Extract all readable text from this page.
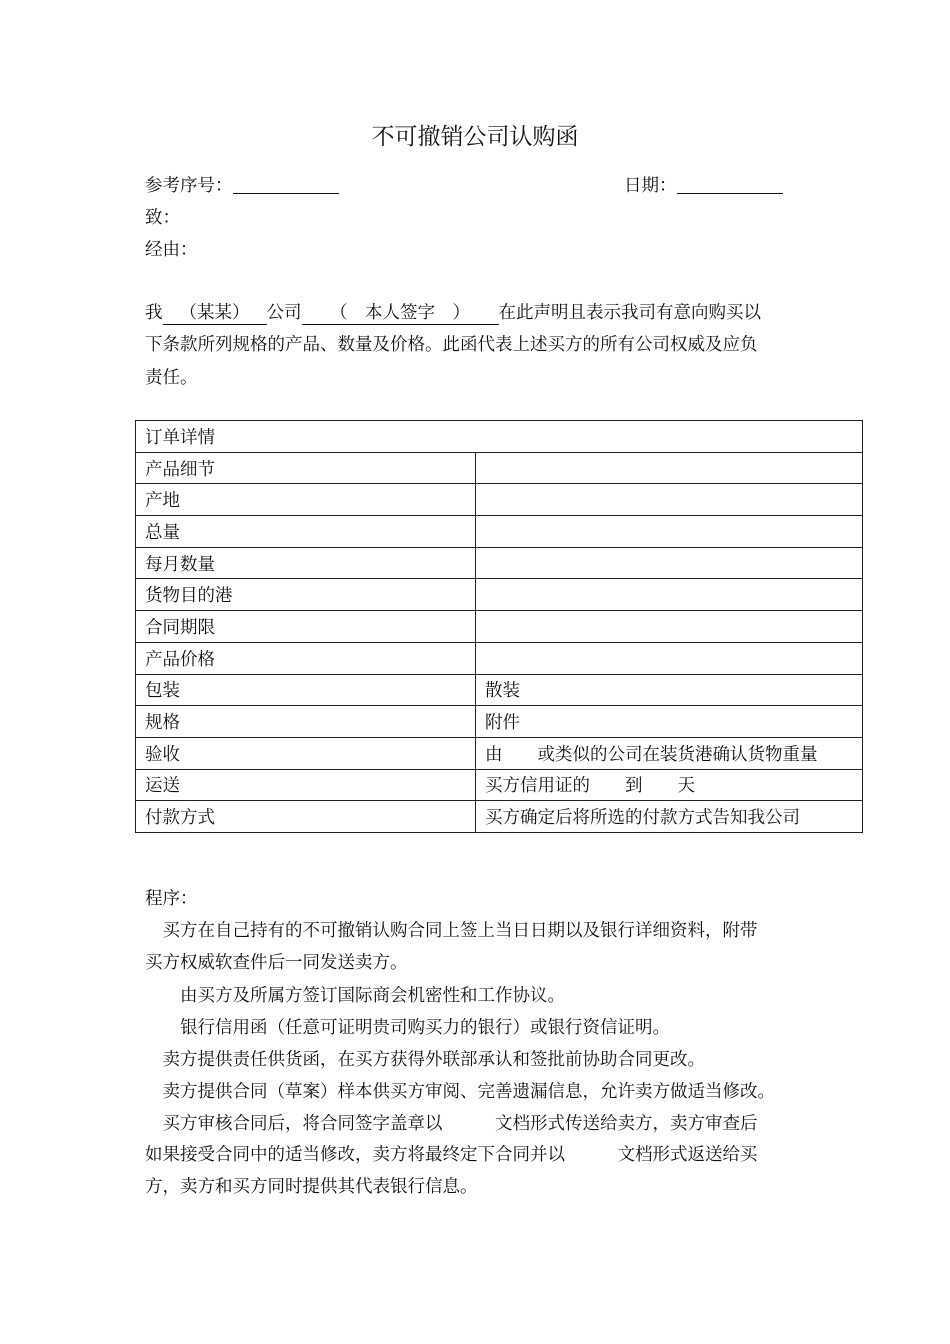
不可撤销公司认购函
参考序号：	日期：
致：
经由：
我 （某某） 公司 （　本人签字　） 在此声明且表示我司有意向购买以
下条款所列规格的产品、数量及价格。此函代表上述买方的所有公司权威及应负
责任。
订单详情	
产品细节	
产地	
总量	
每月数量	
货物目的港	
合同期限	
产品价格	
包装	散装
规格	附件
验收	由　　或类似的公司在装货港确认货物重量
运送	买方信用证的　　到　　天
付款方式	买方确定后将所选的付款方式告知我公司
程序：
　买方在自己持有的不可撤销认购合同上签上当日日期以及银行详细资料，附带
买方权威软查件后一同发送卖方。
　　由买方及所属方签订国际商会机密性和工作协议。
　　银行信用函（任意可证明贵司购买力的银行）或银行资信证明。
　卖方提供责任供货函，在买方获得外联部承认和签批前协助合同更改。
　卖方提供合同（草案）样本供买方审阅、完善遗漏信息，允许卖方做适当修改。
　买方审核合同后，将合同签字盖章以　　　文档形式传送给卖方，卖方审查后
如果接受合同中的适当修改，卖方将最终定下合同并以　　　文档形式返送给买
方，卖方和买方同时提供其代表银行信息。
